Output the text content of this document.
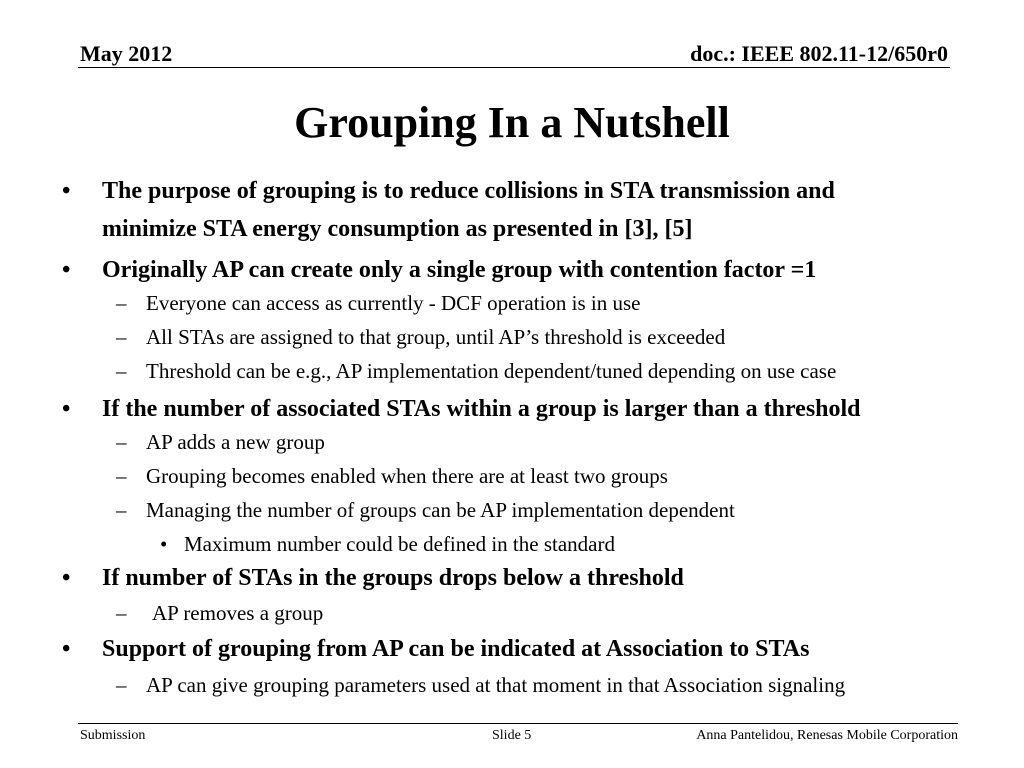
May 2012	doc.: IEEE 802.11-12/650r0
Grouping In a Nutshell
• The purpose of grouping is to reduce collisions in STA transmission and
minimize STA energy consumption as presented in [3], [5]
• Originally AP can create only a single group with contention factor =1
– Everyone can access as currently - DCF operation is in use
– All STAs are assigned to that group, until AP’s threshold is exceeded
– Threshold can be e.g., AP implementation dependent/tuned depending on use case
• If the number of associated STAs within a group is larger than a threshold
– AP adds a new group
– Grouping becomes enabled when there are at least two groups
– Managing the number of groups can be AP implementation dependent
• Maximum number could be defined in the standard
• If number of STAs in the groups drops below a threshold
– AP removes a group
• Support of grouping from AP can be indicated at Association to STAs
– AP can give grouping parameters used at that moment in that Association signaling
Submission	Slide 5	Anna Pantelidou, Renesas Mobile Corporation
